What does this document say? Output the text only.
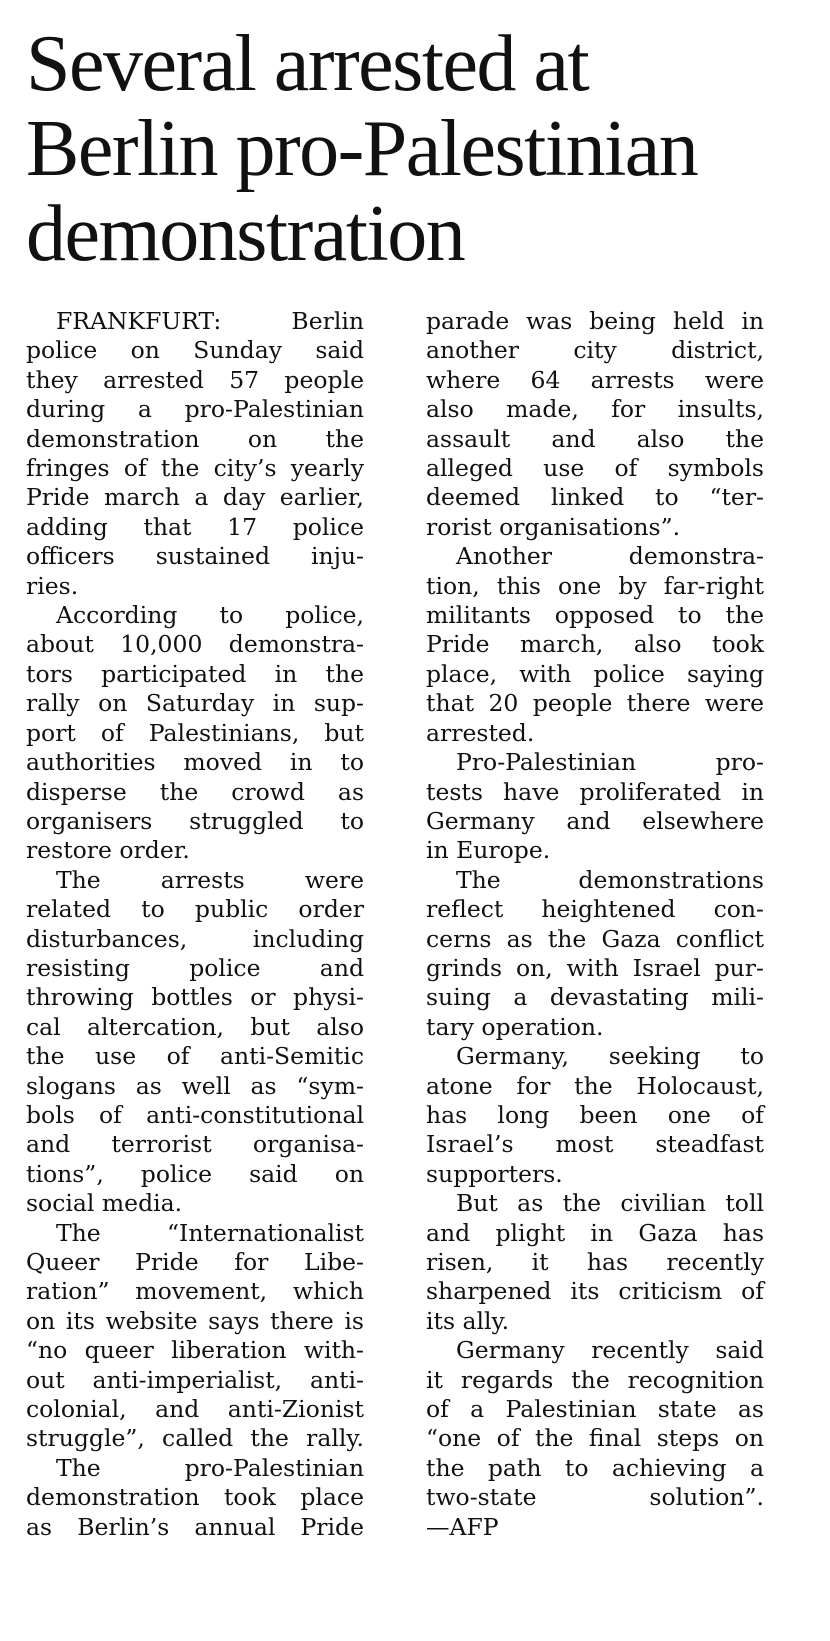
Several arrested at
Berlin pro-Palestinian
demonstration
FRANKFURT: Berlin
police on Sunday said
they arrested 57 people
during a pro-Palestinian
demonstration on the
fringes of the city’s yearly
Pride march a day earlier,
adding that 17 police
officers sustained inju-
ries.
According to police,
about 10,000 demonstra-
tors participated in the
rally on Saturday in sup-
port of Palestinians, but
authorities moved in to
disperse the crowd as
organisers struggled to
restore order.
The arrests were
related to public order
disturbances, including
resisting police and
throwing bottles or physi-
cal altercation, but also
the use of anti-Semitic
slogans as well as “sym-
bols of anti-constitutional
and terrorist organisa-
tions”, police said on
social media.
The “Internationalist
Queer Pride for Libe-
ration” movement, which
on its website says there is
“no queer liberation with-
out anti-imperialist, anti-
colonial, and anti-Zionist
struggle”, called the rally.
The pro-Palestinian
demonstration took place
as Berlin’s annual Pride
parade was being held in
another city district,
where 64 arrests were
also made, for insults,
assault and also the
alleged use of symbols
deemed linked to “ter-
rorist organisations”.
Another demonstra-
tion, this one by far-right
militants opposed to the
Pride march, also took
place, with police saying
that 20 people there were
arrested.
Pro-Palestinian pro-
tests have proliferated in
Germany and elsewhere
in Europe.
The demonstrations
reflect heightened con-
cerns as the Gaza conflict
grinds on, with Israel pur-
suing a devastating mili-
tary operation.
Germany, seeking to
atone for the Holocaust,
has long been one of
Israel’s most steadfast
supporters.
But as the civilian toll
and plight in Gaza has
risen, it has recently
sharpened its criticism of
its ally.
Germany recently said
it regards the recognition
of a Palestinian state as
“one of the final steps on
the path to achieving a
two-state solution”.
—AFP
